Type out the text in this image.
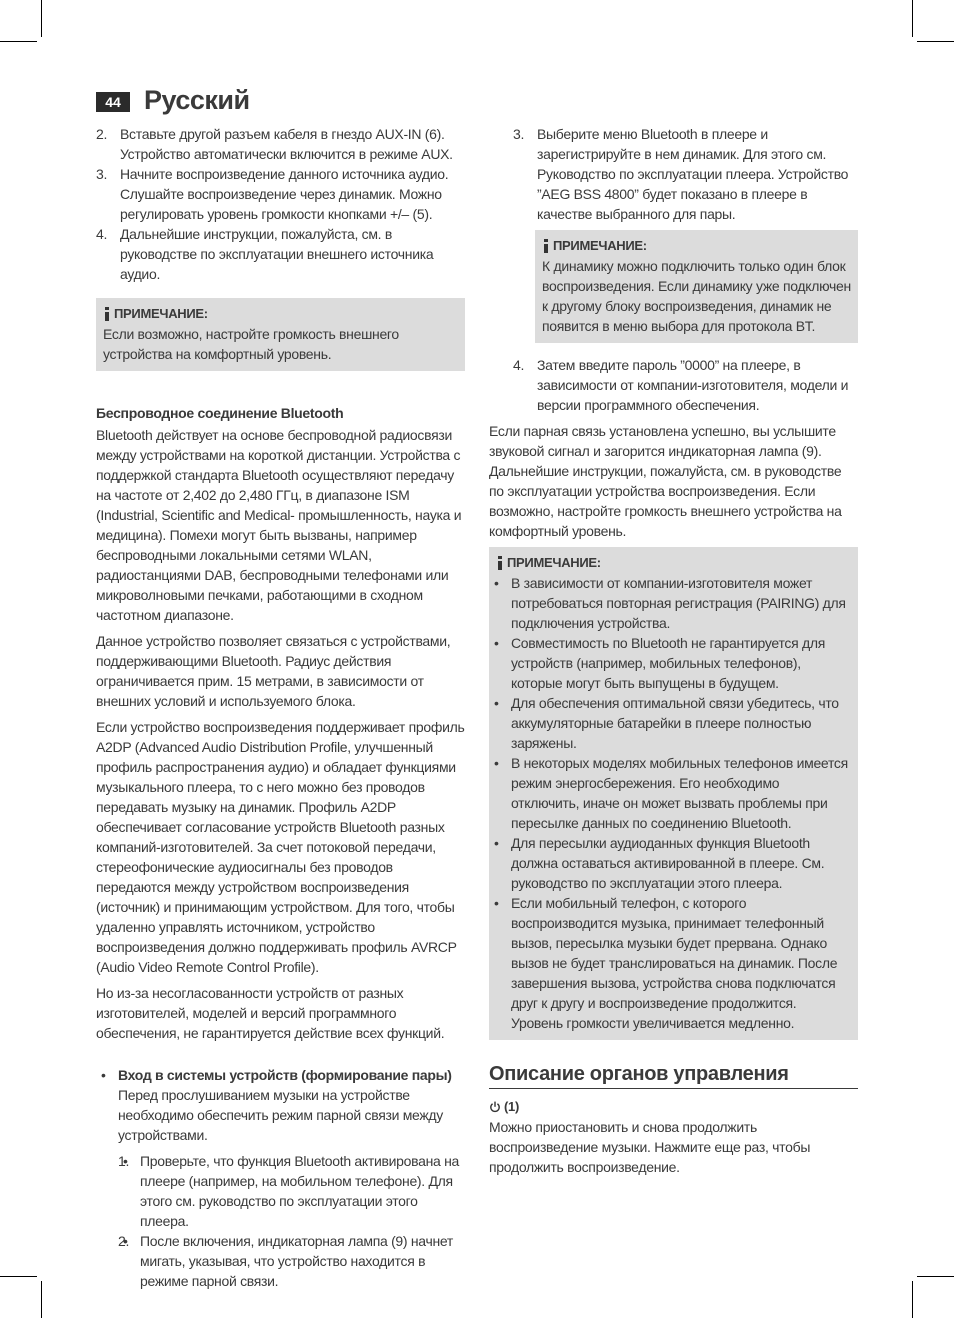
44 Русский
2. Вставьте другой разъем кабеля в гнездо AUX-IN (6). Устройство автоматически включится в режиме AUX.
3. Начните воспроизведение данного источника аудио. Слушайте воспроизведение через динамик. Можно регулировать уровень громкости кнопками +/– (5).
4. Дальнейшие инструкции, пожалуйста, см. в руководстве по эксплуатации внешнего источника аудио.
ПРИМЕЧАНИЕ:
Если возможно, настройте громкость внешнего устройства на комфортный уровень.
Беспроводное соединение Bluetooth

Bluetooth действует на основе беспроводной радиосвязи между устройствами на короткой дистанции. Устройства с поддержкой стандарта Bluetooth осуществляют передачу на частоте от 2,402 до 2,480 ГГц, в диапазоне ISM (Industrial, Scientific and Medical- промышленность, наука и медицина). Помехи могут быть вызваны, например беспроводными локальными сетями WLAN, радиостанциями DAB, беспроводными телефонами или микроволновыми печками, работающими в сходном частотном диапазоне.

Данное устройство позволяет связаться с устройствами, поддерживающими Bluetooth. Радиус действия ограничивается прим. 15 метрами, в зависимости от внешних условий и используемого блока.

Если устройство воспроизведения поддерживает профиль A2DP (Advanced Audio Distribution Profile, улучшенный профиль распространения аудио) и обладает функциями музыкального плеера, то с него можно без проводов передавать музыку на динамик. Профиль A2DP обеспечивает согласование устройств Bluetooth разных компаний-изготовителей. За счет потоковой передачи, стереофонические аудиосигналы без проводов передаются между устройством воспроизведения (источник) и принимающим устройством. Для того, чтобы удаленно управлять источником, устройство воспроизведения должно поддерживать профиль AVRCP (Audio Video Remote Control Profile).

Но из-за несогласованности устройств от разных изготовителей, моделей и версий программного обеспечения, не гарантируется действие всех функций.

• Вход в системы устройств (формирование пары)

Перед прослушиванием музыки на устройстве необходимо обеспечить режим парной связи между устройствами.

• 1. Проверьте, что функция Bluetooth активирована на плеере (например, на мобильном телефоне). Для этого см. руководство по эксплуатации этого плеера.
• 2. После включения, индикаторная лампа (9) начнет мигать, указывая, что устройство находится в режиме парной связи.
3. Выберите меню Bluetooth в плеере и зарегистрируйте в нем динамик. Для этого см. Руководство по эксплуатации плеера. Устройство ”AEG BSS 4800” будет показано в плеере в качестве выбранного для пары.
ПРИМЕЧАНИЕ:
К динамику можно подключить только один блок воспроизведения. Если динамику уже подключен к другому блоку воспроизведения, динамик не появится в меню выбора для протокола BT.
4. Затем введите пароль ”0000” на плеере, в зависимости от компании-изготовителя, модели и версии программного обеспечения.

Если парная связь установлена успешно, вы услышите звуковой сигнал и загорится индикаторная лампа (9). Дальнейшие инструкции, пожалуйста, см. в руководстве по эксплуатации устройства воспроизведения. Если возможно, настройте громкость внешнего устройства на комфортный уровень.

ПРИМЕЧАНИЕ:
• В зависимости от компании-изготовителя может потребоваться повторная регистрация (PAIRING) для подключения устройства.
• Совместимость по Bluetooth не гарантируется для устройств (например, мобильных телефонов), которые могут быть выпущены в будущем.
• Для обеспечения оптимальной связи убедитесь, что аккумуляторные батарейки в плеере полностью заряжены.
• В некоторых моделях мобильных телефонов имеется режим энергосбережения. Его необходимо отключить, иначе он может вызвать проблемы при пересылке данных по соединению Bluetooth.
• Для пересылки аудиоданных функция Bluetooth должна оставаться активированной в плеере. См. руководство по эксплуатации этого плеера.
• Если мобильный телефон, с которого воспроизводится музыка, принимает телефонный вызов, пересылка музыки будет прервана. Однако вызов не будет транслироваться на динамик. После завершения вызова, устройства снова подключатся друг к другу и воспроизведение продолжится. Уровень громкости увеличивается медленно.
Описание органов управления
(1)

Можно приостановить и снова продолжить воспроизведение музыки. Нажмите еще раз, чтобы продолжить воспроизведение.
